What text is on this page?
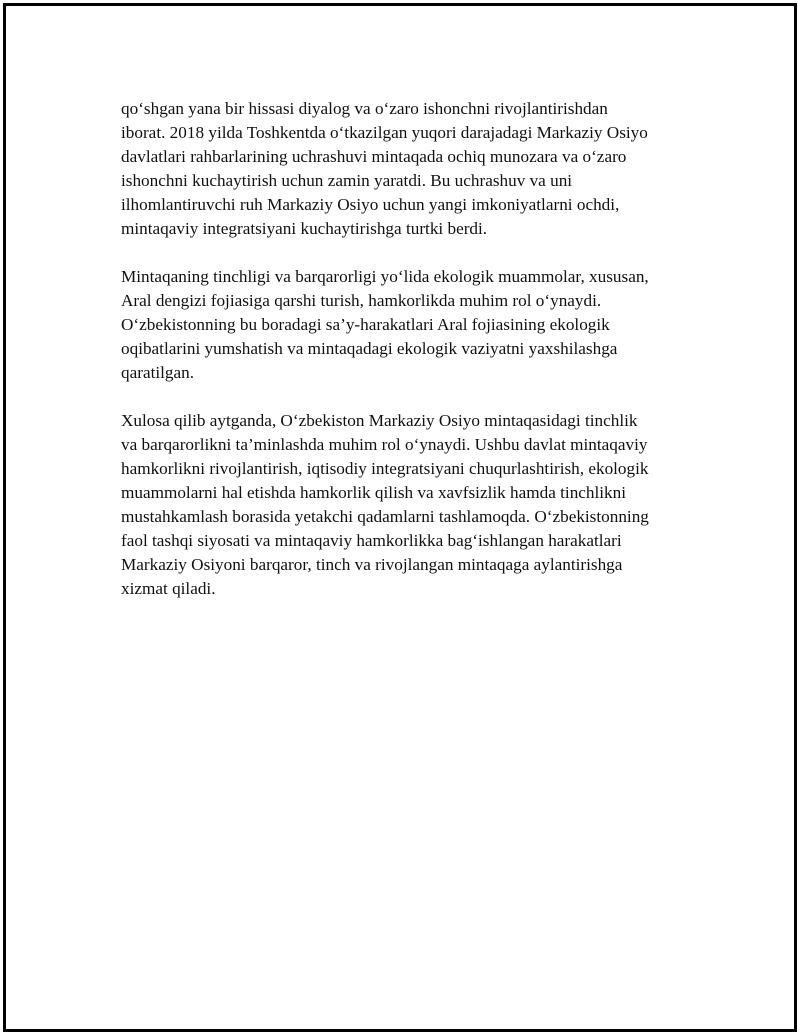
qo‘shgan yana bir hissasi diyalog va o‘zaro ishonchni rivojlantirishdan
iborat. 2018 yilda Toshkentda o‘tkazilgan yuqori darajadagi Markaziy Osiyo
davlatlari rahbarlarining uchrashuvi mintaqada ochiq munozara va o‘zaro
ishonchni kuchaytirish uchun zamin yaratdi. Bu uchrashuv va uni
ilhomlantiruvchi ruh Markaziy Osiyo uchun yangi imkoniyatlarni ochdi,
mintaqaviy integratsiyani kuchaytirishga turtki berdi.

Mintaqaning tinchligi va barqarorligi yo‘lida ekologik muammolar, xususan,
Aral dengizi fojiasiga qarshi turish, hamkorlikda muhim rol o‘ynaydi.
O‘zbekistonning bu boradagi sa’y-harakatlari Aral fojiasining ekologik
oqibatlarini yumshatish va mintaqadagi ekologik vaziyatni yaxshilashga
qaratilgan.

Xulosa qilib aytganda, O‘zbekiston Markaziy Osiyo mintaqasidagi tinchlik
va barqarorlikni ta’minlashda muhim rol o‘ynaydi. Ushbu davlat mintaqaviy
hamkorlikni rivojlantirish, iqtisodiy integratsiyani chuqurlashtirish, ekologik
muammolarni hal etishda hamkorlik qilish va xavfsizlik hamda tinchlikni
mustahkamlash borasida yetakchi qadamlarni tashlamoqda. O‘zbekistonning
faol tashqi siyosati va mintaqaviy hamkorlikka bag‘ishlangan harakatlari
Markaziy Osiyoni barqaror, tinch va rivojlangan mintaqaga aylantirishga
xizmat qiladi.
